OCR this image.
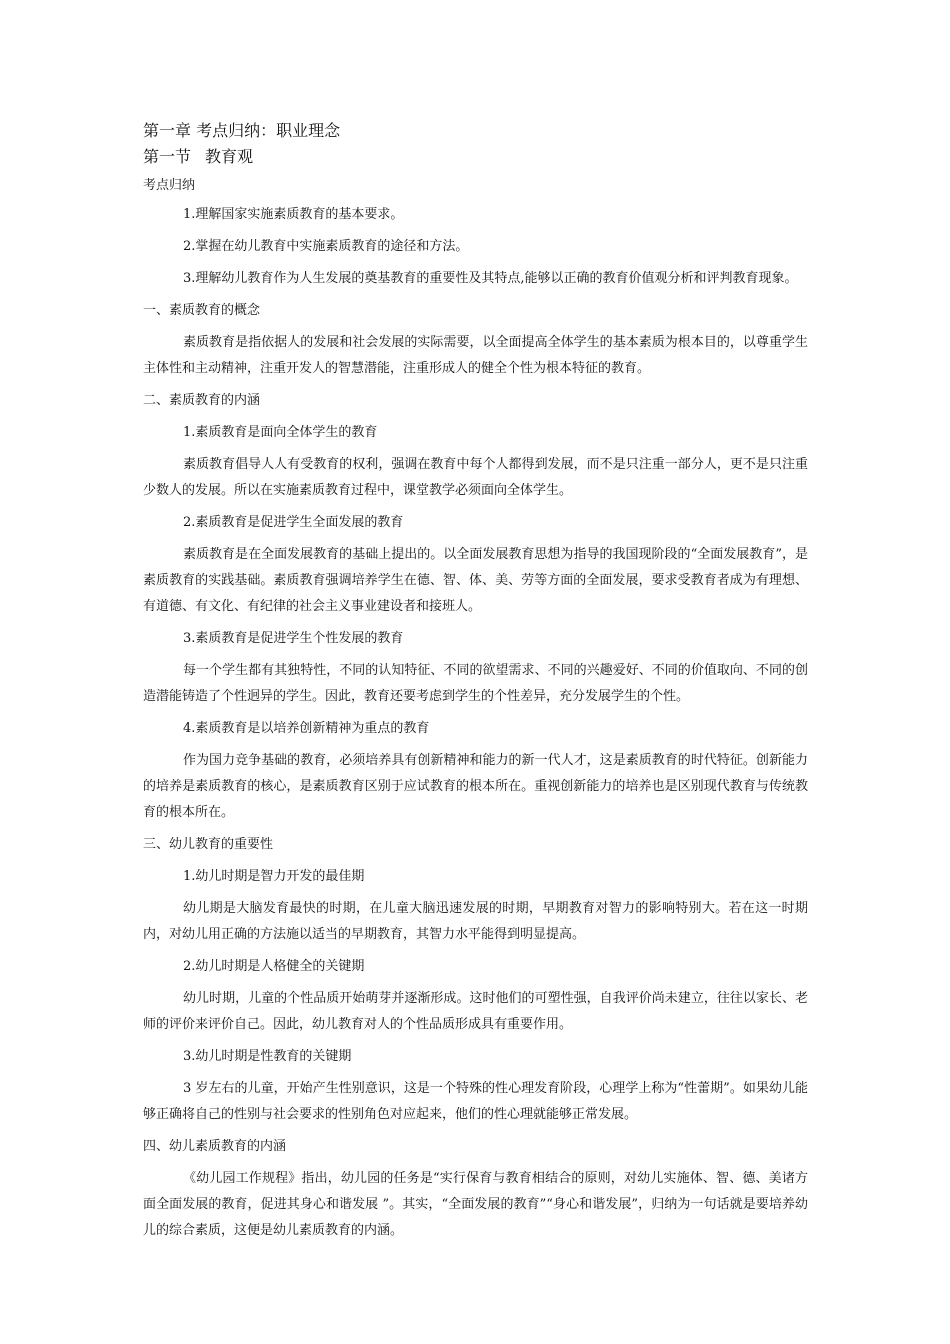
第一章 考点归纳：职业理念

第一节 教育观

考点归纳

1.理解国家实施素质教育的基本要求。

2.掌握在幼儿教育中实施素质教育的途径和方法。

3.理解幼儿教育作为人生发展的奠基教育的重要性及其特点,能够以正确的教育价值观分析和评判教育现象。

一、素质教育的概念

素质教育是指依据人的发展和社会发展的实际需要，以全面提高全体学生的基本素质为根本目的，以尊重学生主体性和主动精神，注重开发人的智慧潜能，注重形成人的健全个性为根本特征的教育。

二、素质教育的内涵

1.素质教育是面向全体学生的教育

素质教育倡导人人有受教育的权利，强调在教育中每个人都得到发展，而不是只注重一部分人，更不是只注重少数人的发展。所以在实施素质教育过程中，课堂教学必须面向全体学生。

2.素质教育是促进学生全面发展的教育

素质教育是在全面发展教育的基础上提出的。以全面发展教育思想为指导的我国现阶段的“全面发展教育”，是素质教育的实践基础。素质教育强调培养学生在德、智、体、美、劳等方面的全面发展，要求受教育者成为有理想、有道德、有文化、有纪律的社会主义事业建设者和接班人。

3.素质教育是促进学生个性发展的教育

每一个学生都有其独特性，不同的认知特征、不同的欲望需求、不同的兴趣爱好、不同的价值取向、不同的创造潜能铸造了个性迥异的学生。因此，教育还要考虑到学生的个性差异，充分发展学生的个性。

4.素质教育是以培养创新精神为重点的教育

作为国力竞争基础的教育，必须培养具有创新精神和能力的新一代人才，这是素质教育的时代特征。创新能力的培养是素质教育的核心，是素质教育区别于应试教育的根本所在。重视创新能力的培养也是区别现代教育与传统教育的根本所在。

三、幼儿教育的重要性

1.幼儿时期是智力开发的最佳期

幼儿期是大脑发育最快的时期，在儿童大脑迅速发展的时期，早期教育对智力的影响特别大。若在这一时期内，对幼儿用正确的方法施以适当的早期教育，其智力水平能得到明显提高。

2.幼儿时期是人格健全的关键期

幼儿时期，儿童的个性品质开始萌芽并逐渐形成。这时他们的可塑性强，自我评价尚未建立，往往以家长、老师的评价来评价自己。因此，幼儿教育对人的个性品质形成具有重要作用。

3.幼儿时期是性教育的关键期

3 岁左右的儿童，开始产生性别意识，这是一个特殊的性心理发育阶段，心理学上称为“性蕾期”。如果幼儿能够正确将自己的性别与社会要求的性别角色对应起来，他们的性心理就能够正常发展。

四、幼儿素质教育的内涵

《幼儿园工作规程》指出，幼儿园的任务是“实行保育与教育相结合的原则，对幼儿实施体、智、德、美诸方面全面发展的教育，促进其身心和谐发展 ”。其实，“全面发展的教育”“身心和谐发展”，归纳为一句话就是要培养幼儿的综合素质，这便是幼儿素质教育的内涵。
